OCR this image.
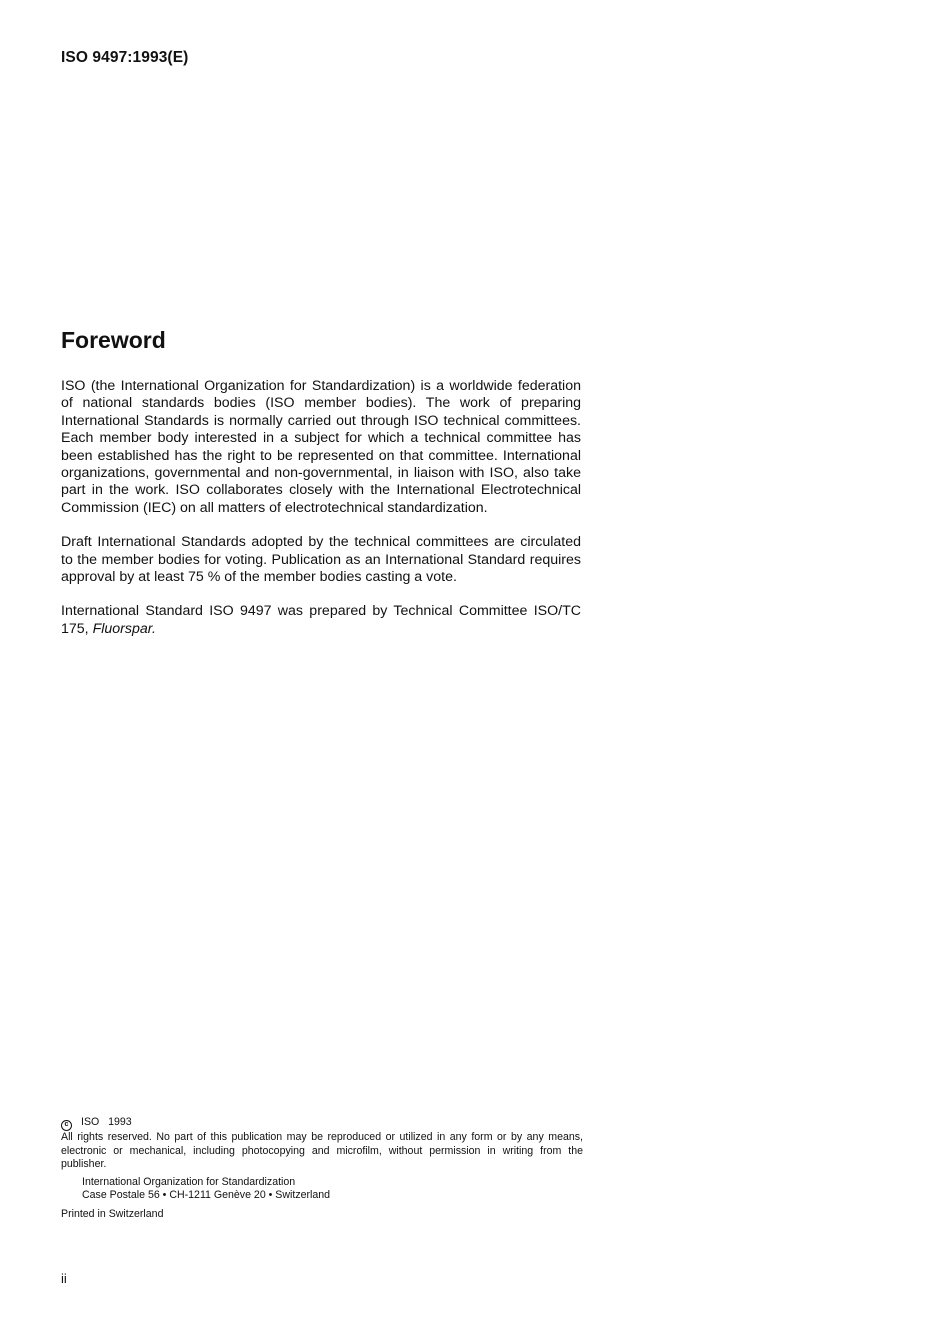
ISO 9497:1993(E)
Foreword

ISO (the International Organization for Standardization) is a worldwide federation of national standards bodies (ISO member bodies). The work of preparing International Standards is normally carried out through ISO technical committees. Each member body interested in a subject for which a technical committee has been established has the right to be represented on that committee. International organizations, governmental and non-governmental, in liaison with ISO, also take part in the work. ISO collaborates closely with the International Electrotechnical Commission (IEC) on all matters of electrotechnical standardization.

Draft International Standards adopted by the technical committees are circulated to the member bodies for voting. Publication as an International Standard requires approval by at least 75 % of the member bodies casting a vote.

International Standard ISO 9497 was prepared by Technical Committee ISO/TC 175, Fluorspar.

c ISO   1993

All rights reserved. No part of this publication may be reproduced or utilized in any form or by any means, electronic or mechanical, including photocopying and microfilm, without permission in writing from the publisher.

International Organization for Standardization

Case Postale 56 • CH-1211 Genève 20 • Switzerland

Printed in Switzerland

ii
